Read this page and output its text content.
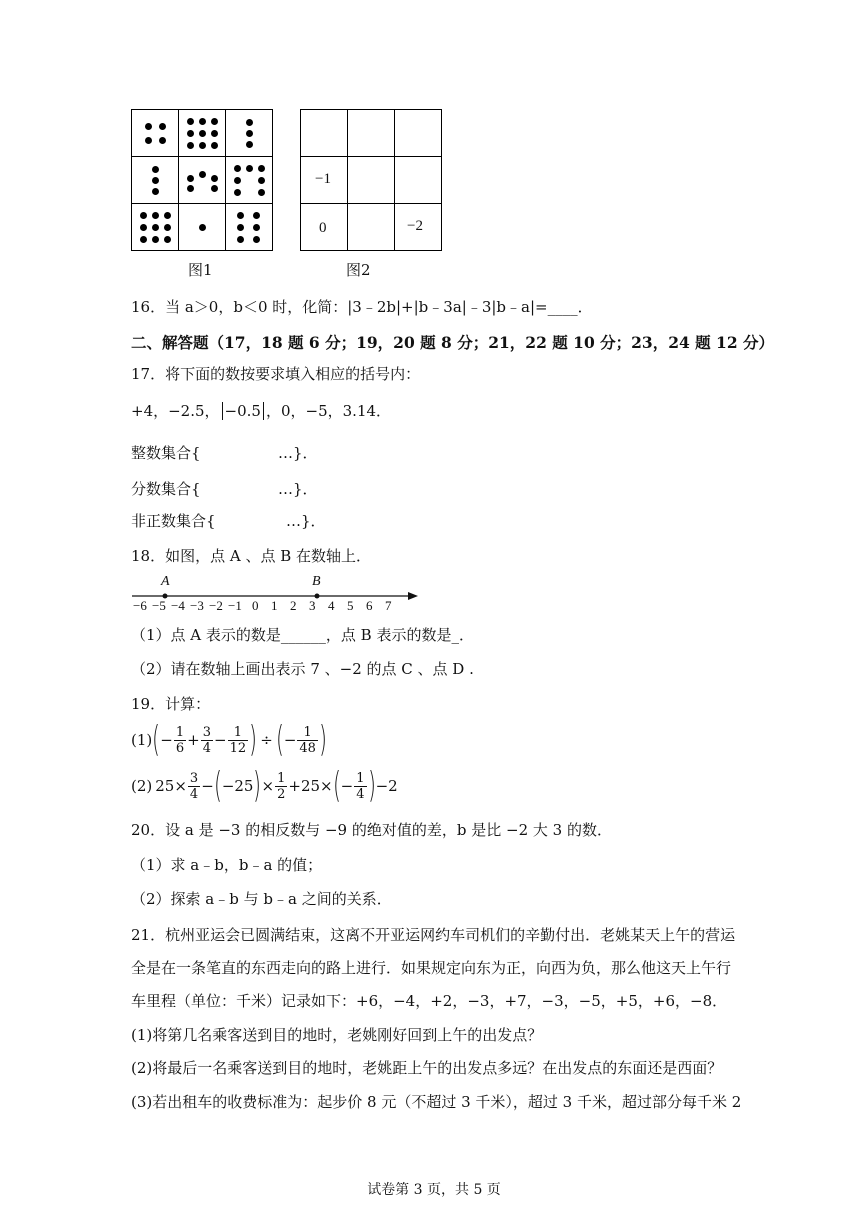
图1

−1		

0		−2
图2
16．当 a＞0，b＜0 时，化简：|3﹣2b|+|b﹣3a|﹣3|b﹣a|=____．
二、解答题（17，18 题 6 分；19，20 题 8 分；21，22 题 10 分；23，24 题 12 分）
17．将下面的数按要求填入相应的括号内：
+4，−2.5， −0.5 ，0，−5，3.14．
整数集合{	…}．
分数集合{	…}．
非正数集合{	…}．
18．如图，点 A 、点 B 在数轴上．
A	B
−6 −5 −4 −3 −2 −1 0 1 2 3 4 5 6 7
（1）点 A 表示的数是______，点 B 表示的数是_．
（2）请在数轴上画出表示 7 、−2 的点 C 、点 D .
19．计算：
(1) ( − $\frac{1}{6} + \frac{3}{4} - \frac{1}{12}$ ) ÷ ( − $\frac{1}{48}$ )
(2) $25\times \frac{3}{4}$ − ( −25 ) × $\frac{1}{2} +25\times$ ( − $\frac{1}{4}$ ) −2
20．设 a 是 −3 的相反数与 −9 的绝对值的差，b 是比 −2 大 3 的数．
（1）求 a﹣b，b﹣a 的值；
（2）探索 a﹣b 与 b﹣a 之间的关系．
21．杭州亚运会已圆满结束，这离不开亚运网约车司机们的辛勤付出．老姚某天上午的营运
全是在一条笔直的东西走向的路上进行．如果规定向东为正，向西为负，那么他这天上午行
车里程（单位：千米）记录如下：+6，−4，+2，−3，+7，−3，−5，+5，+6，−8．
(1)将第几名乘客送到目的地时，老姚刚好回到上午的出发点？
(2)将最后一名乘客送到目的地时，老姚距上午的出发点多远？在出发点的东面还是西面？
(3)若出租车的收费标准为：起步价 8 元（不超过 3 千米），超过 3 千米，超过部分每千米 2
试卷第 3 页，共 5 页
